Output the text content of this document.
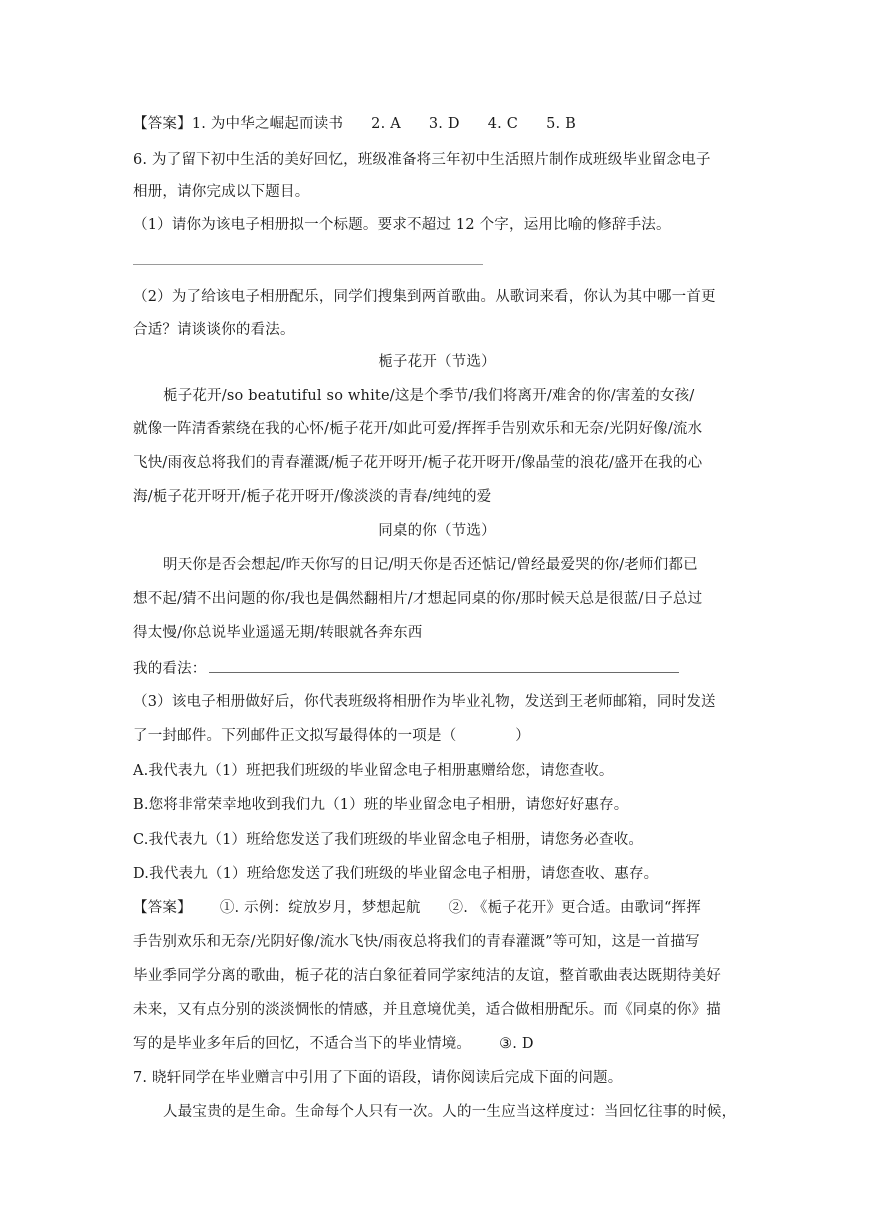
【答案】1. 为中华之崛起而读书 2. A 3. D 4. C 5. B
6. 为了留下初中生活的美好回忆，班级准备将三年初中生活照片制作成班级毕业留念电子
相册，请你完成以下题目。
（1）请你为该电子相册拟一个标题。要求不超过 12 个字，运用比喻的修辞手法。
（2）为了给该电子相册配乐，同学们搜集到两首歌曲。从歌词来看，你认为其中哪一首更
合适？请谈谈你的看法。
栀子花开（节选）
栀子花开/so beatutiful so white/这是个季节/我们将离开/难舍的你/害羞的女孩/
就像一阵清香萦绕在我的心怀/栀子花开/如此可爱/挥挥手告别欢乐和无奈/光阴好像/流水
飞快/雨夜总将我们的青春灌溉/栀子花开呀开/栀子花开呀开/像晶莹的浪花/盛开在我的心
海/栀子花开呀开/栀子花开呀开/像淡淡的青春/纯纯的爱
同桌的你（节选）
明天你是否会想起/昨天你写的日记/明天你是否还惦记/曾经最爱哭的你/老师们都已
想不起/猜不出问题的你/我也是偶然翻相片/才想起同桌的你/那时候天总是很蓝/日子总过
得太慢/你总说毕业遥遥无期/转眼就各奔东西
我的看法：
（3）该电子相册做好后，你代表班级将相册作为毕业礼物，发送到王老师邮箱，同时发送
了一封邮件。下列邮件正文拟写最得体的一项是（　　　　）
A.我代表九（1）班把我们班级的毕业留念电子相册惠赠给您，请您查收。
B.您将非常荣幸地收到我们九（1）班的毕业留念电子相册，请您好好惠存。
C.我代表九（1）班给您发送了我们班级的毕业留念电子相册，请您务必查收。
D.我代表九（1）班给您发送了我们班级的毕业留念电子相册，请您查收、惠存。
【答案】 ①. 示例：绽放岁月，梦想起航 ②. 《栀子花开》更合适。由歌词“挥挥
手告别欢乐和无奈/光阴好像/流水飞快/雨夜总将我们的青春灌溉”等可知，这是一首描写
毕业季同学分离的歌曲，栀子花的洁白象征着同学家纯洁的友谊，整首歌曲表达既期待美好
未来，又有点分别的淡淡惆怅的情感，并且意境优美，适合做相册配乐。而《同桌的你》描
写的是毕业多年后的回忆，不适合当下的毕业情境。 ③. D
7. 晓轩同学在毕业赠言中引用了下面的语段，请你阅读后完成下面的问题。
人最宝贵的是生命。生命每个人只有一次。人的一生应当这样度过：当回忆往事的时候，
